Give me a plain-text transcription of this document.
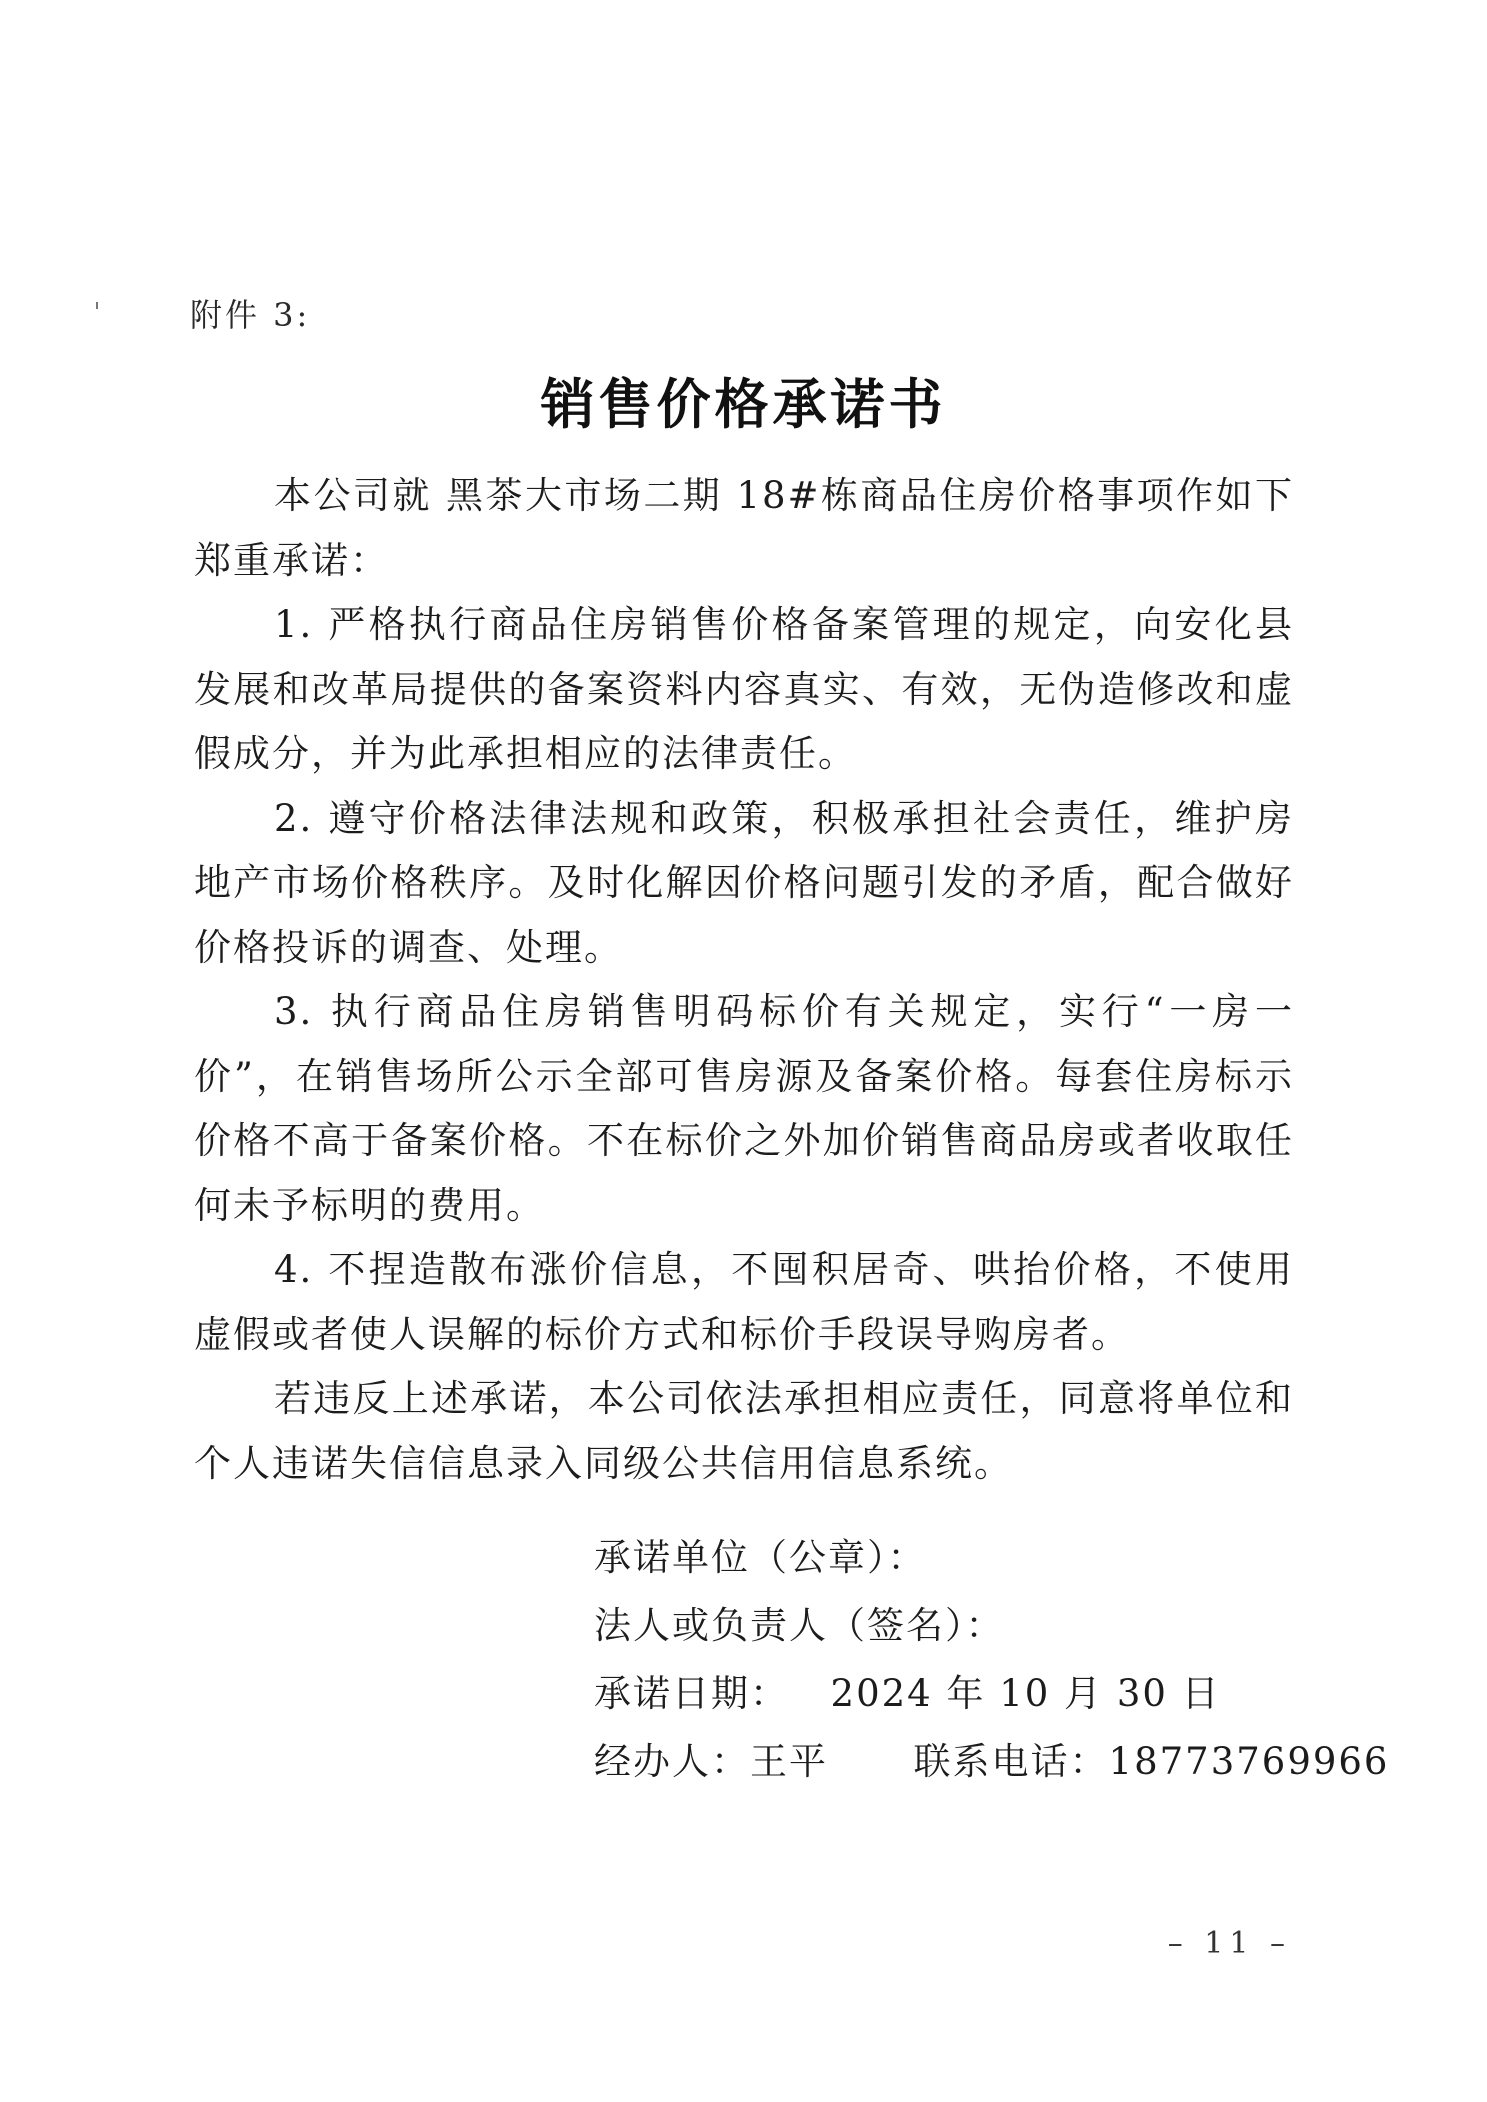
附件 3:
销售价格承诺书

本公司就 黑茶大市场二期 18#栋商品住房价格事项作如下郑重承诺：

1. 严格执行商品住房销售价格备案管理的规定，向安化县发展和改革局提供的备案资料内容真实、有效，无伪造修改和虚假成分，并为此承担相应的法律责任。

2. 遵守价格法律法规和政策，积极承担社会责任，维护房地产市场价格秩序。及时化解因价格问题引发的矛盾，配合做好价格投诉的调查、处理。

3. 执行商品住房销售明码标价有关规定，实行“一房一价”，在销售场所公示全部可售房源及备案价格。每套住房标示价格不高于备案价格。不在标价之外加价销售商品房或者收取任何未予标明的费用。

4. 不捏造散布涨价信息，不囤积居奇、哄抬价格，不使用虚假或者使人误解的标价方式和标价手段误导购房者。

若违反上述承诺，本公司依法承担相应责任，同意将单位和个人违诺失信信息录入同级公共信用信息系统。

承诺单位（公章）：
法人或负责人（签名）：
承诺日期： 2024 年 10 月 30 日
经办人：王平 联系电话：18773769966
– 11 –
